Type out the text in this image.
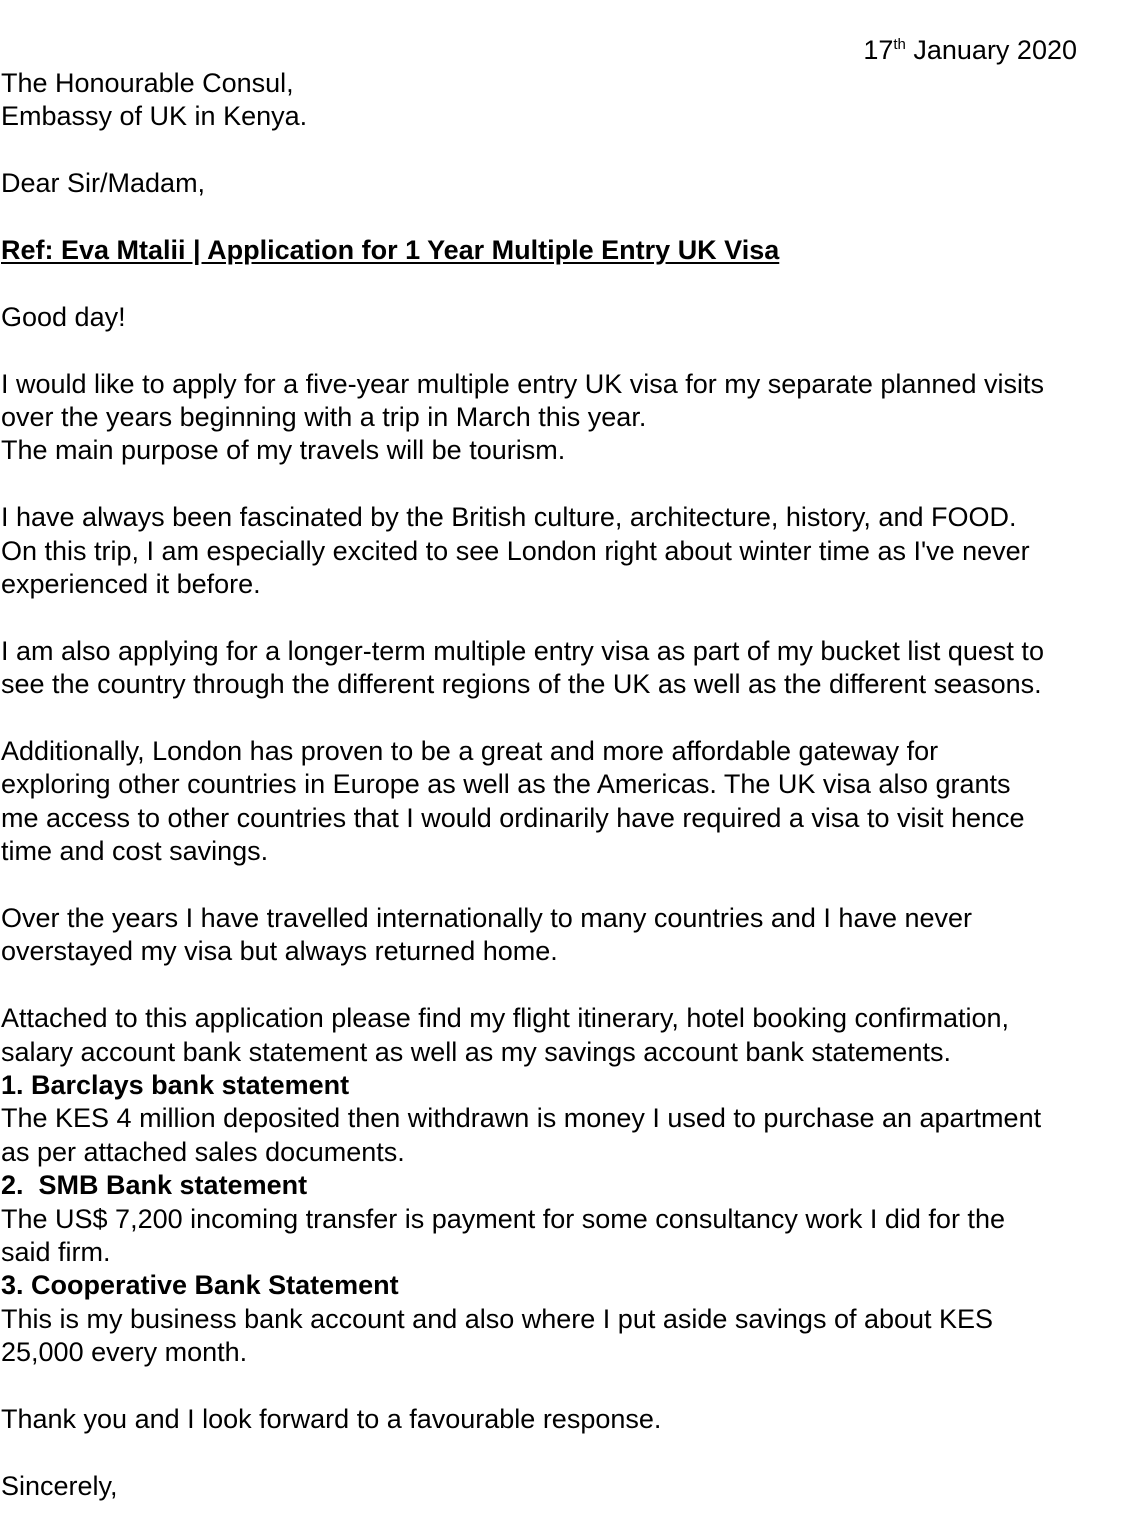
17th January 2020
The Honourable Consul,
Embassy of UK in Kenya.
Dear Sir/Madam,
Ref: Eva Mtalii | Application for 1 Year Multiple Entry UK Visa
Good day!

I would like to apply for a five-year multiple entry UK visa for my separate planned visits
over the years beginning with a trip in March this year.
The main purpose of my travels will be tourism.

I have always been fascinated by the British culture, architecture, history, and FOOD.
On this trip, I am especially excited to see London right about winter time as I've never
experienced it before.

I am also applying for a longer-term multiple entry visa as part of my bucket list quest to
see the country through the different regions of the UK as well as the different seasons.

Additionally, London has proven to be a great and more affordable gateway for
exploring other countries in Europe as well as the Americas. The UK visa also grants
me access to other countries that I would ordinarily have required a visa to visit hence
time and cost savings.

Over the years I have travelled internationally to many countries and I have never
overstayed my visa but always returned home.

Attached to this application please find my flight itinerary, hotel booking confirmation,
salary account bank statement as well as my savings account bank statements.

1. Barclays bank statement
The KES 4 million deposited then withdrawn is money I used to purchase an apartment
as per attached sales documents.
2.  SMB Bank statement
The US$ 7,200 incoming transfer is payment for some consultancy work I did for the
said firm.
3. Cooperative Bank Statement
This is my business bank account and also where I put aside savings of about KES
25,000 every month.
Thank you and I look forward to a favourable response.
Sincerely,
